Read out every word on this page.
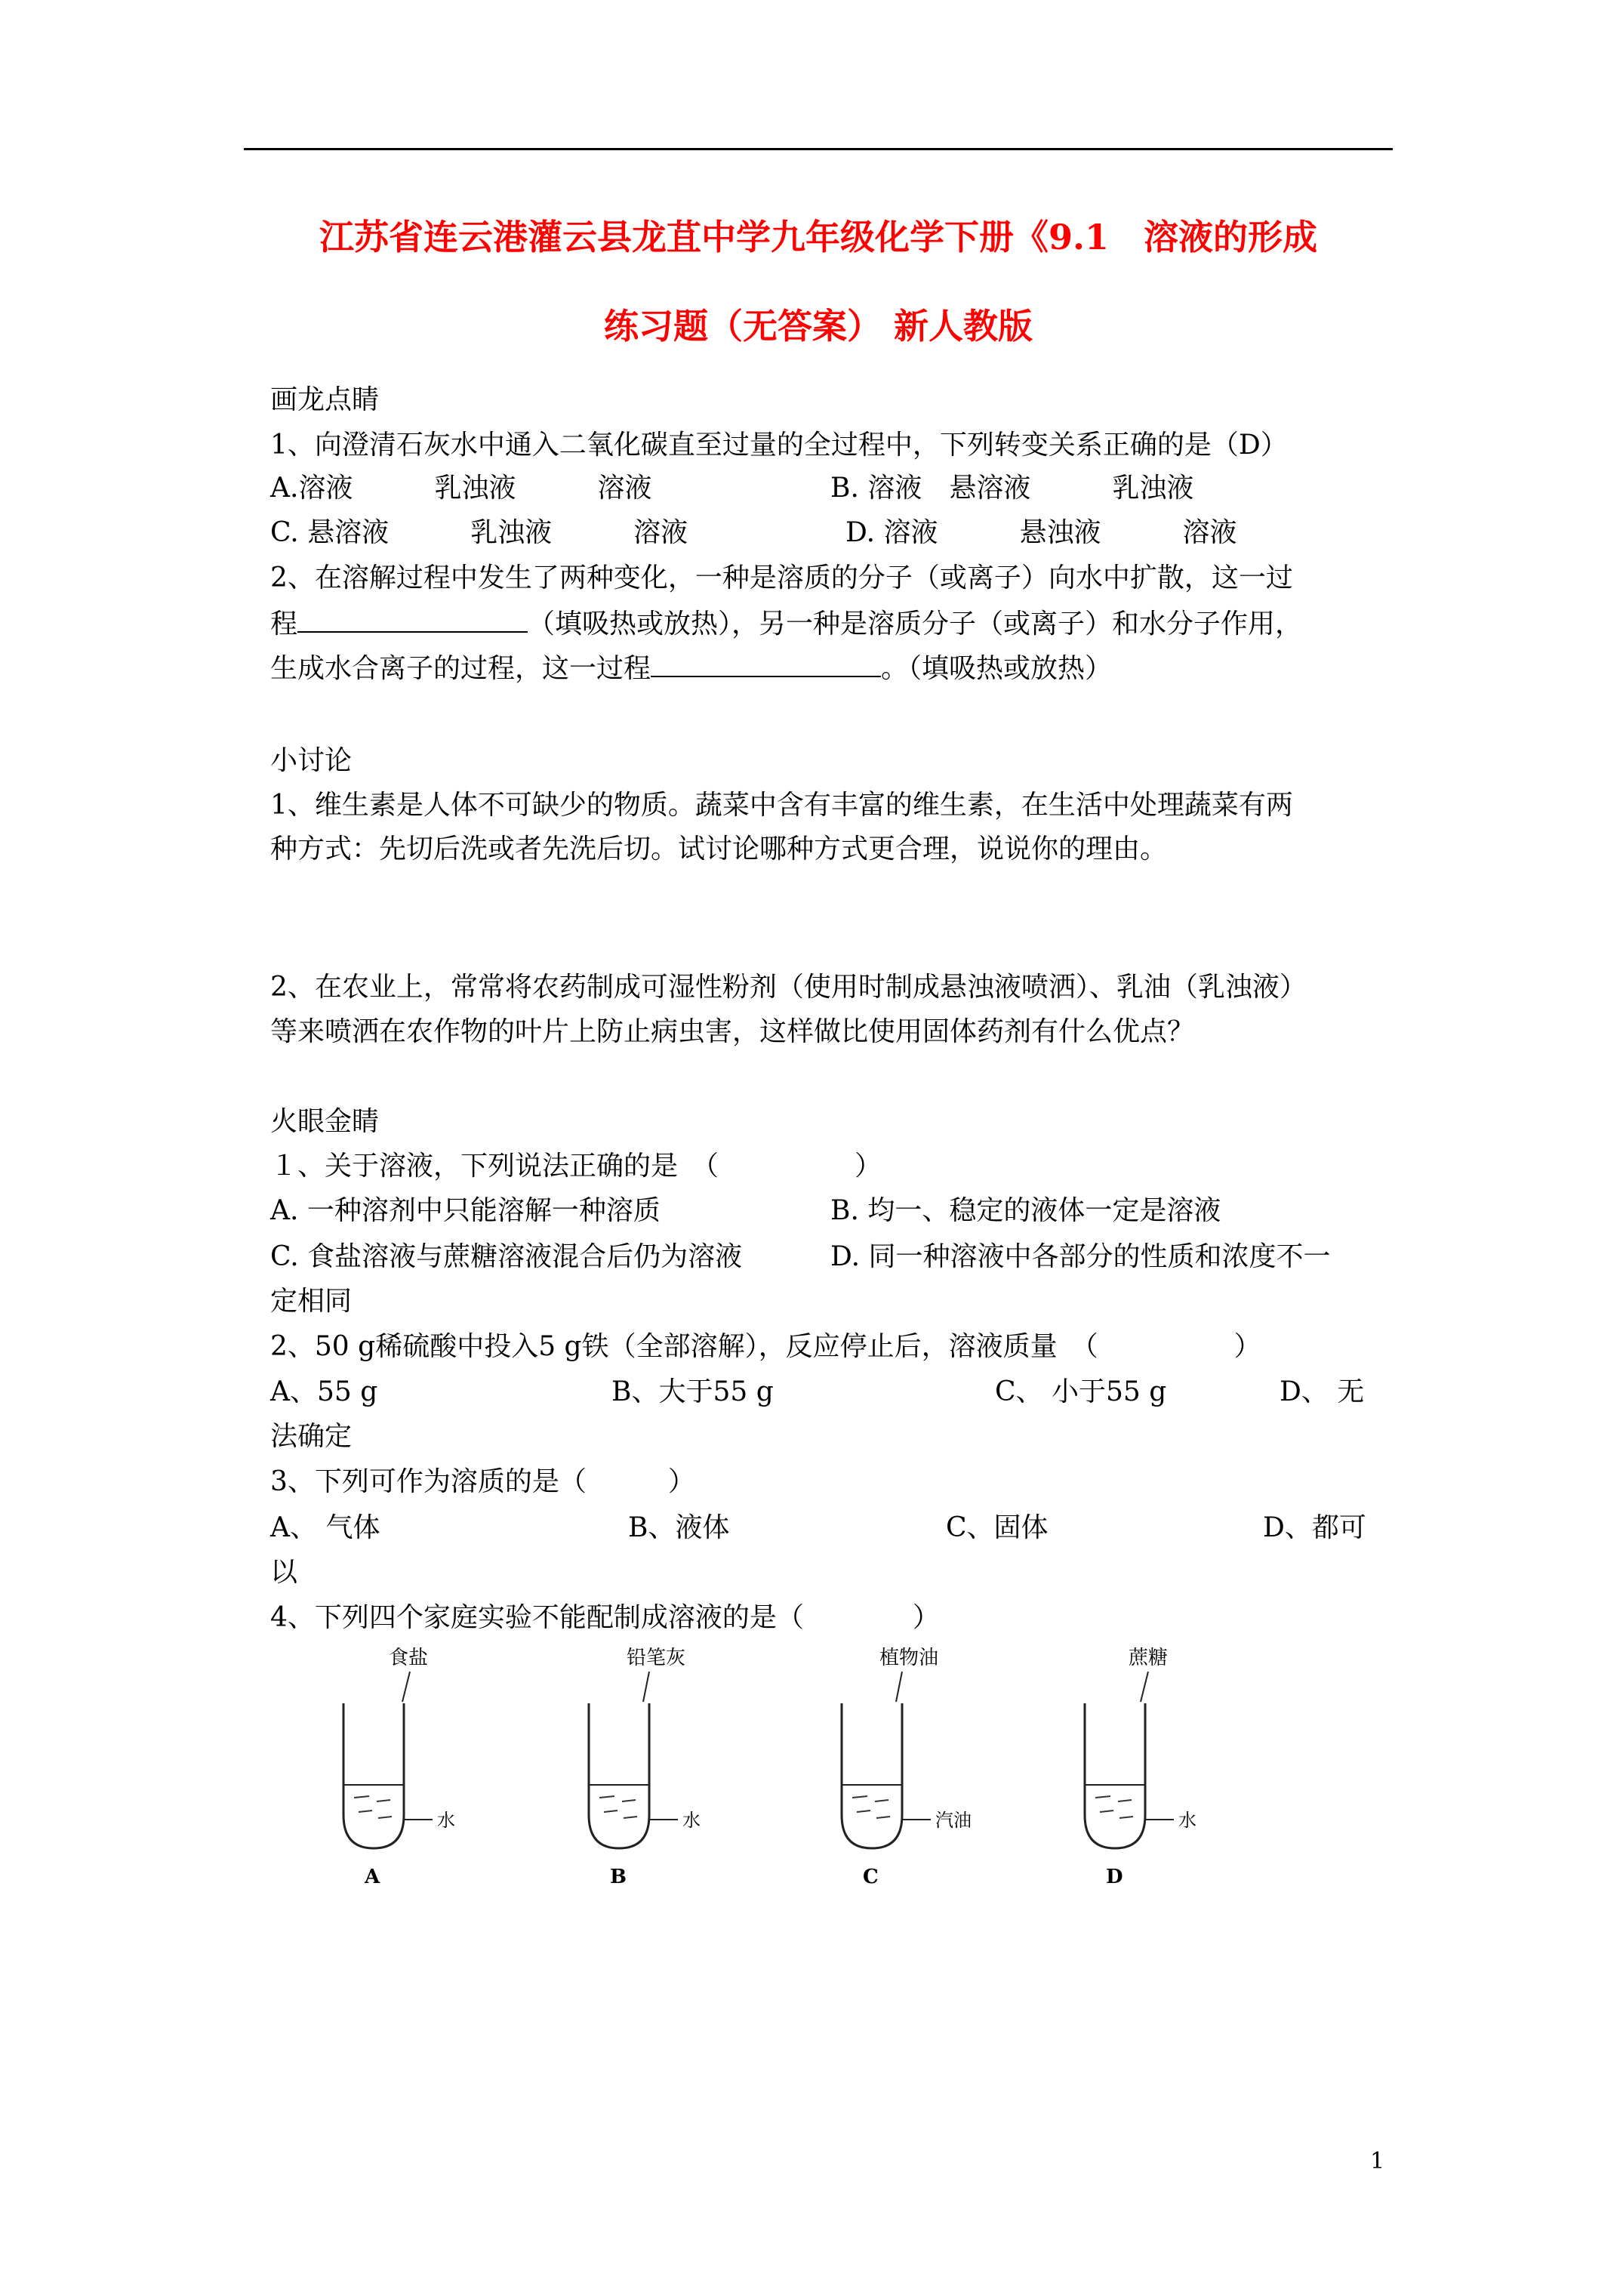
江苏省连云港灌云县龙苴中学九年级化学下册《9.1　溶液的形成
练习题（无答案） 新人教版
画龙点睛
1、向澄清石灰水中通入二氧化碳直至过量的全过程中，下列转变关系正确的是（D）
A.溶液　　　乳浊液　　　溶液	B. 溶液　悬溶液　　　乳浊液
C. 悬溶液　　　乳浊液　　　溶液	D. 溶液　　　悬浊液　　　溶液
2、在溶解过程中发生了两种变化，一种是溶质的分子（或离子）向水中扩散，这一过
程	（填吸热或放热），另一种是溶质分子（或离子）和水分子作用，
生成水合离子的过程，这一过程	。（填吸热或放热）
小讨论
1、维生素是人体不可缺少的物质。蔬菜中含有丰富的维生素，在生活中处理蔬菜有两
种方式：先切后洗或者先洗后切。试讨论哪种方式更合理，说说你的理由。
2、在农业上，常常将农药制成可湿性粉剂（使用时制成悬浊液喷洒）、乳油（乳浊液）
等来喷洒在农作物的叶片上防止病虫害，这样做比使用固体药剂有什么优点？
火眼金睛
１、关于溶液，下列说法正确的是　（　　　　　）
A. 一种溶剂中只能溶解一种溶质	B. 均一、稳定的液体一定是溶液
C. 食盐溶液与蔗糖溶液混合后仍为溶液	D. 同一种溶液中各部分的性质和浓度不一
定相同
2、50 g稀硫酸中投入5 g铁（全部溶解），反应停止后，溶液质量　（　　　　　）
A、55 g	B、大于55 g	C、 小于55 g	D、 无
法确定
3、下列可作为溶质的是（　　　）
A、 气体	B、液体	C、固体	D、都可
以
4、下列四个家庭实验不能配制成溶液的是（　　　　）
食盐
水
A
铅笔灰
水
B
植物油
汽油
C
蔗糖
水
D
1
